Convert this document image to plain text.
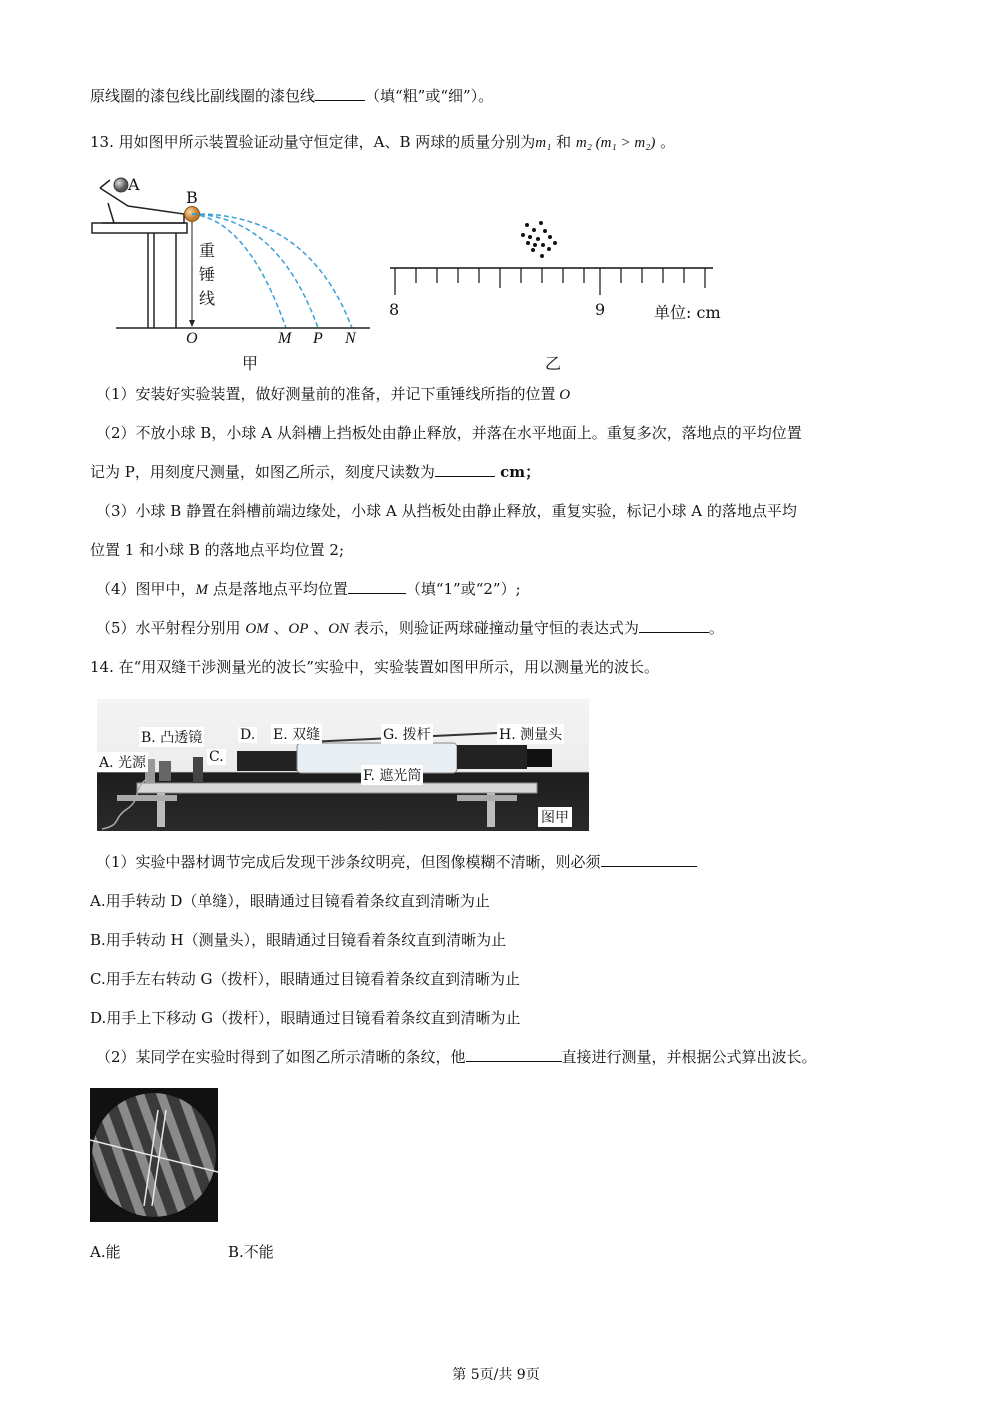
原线圈的漆包线比副线圈的漆包线	（填“粗”或“细”）。
13. 用如图甲所示装置验证动量守恒定律，A、B 两球的质量分别为m₁ 和 m₂ (m₁ > m₂) 。
A
B
重
锤
线
O	M P N
甲
8	9	单位: cm
乙
（1）安装好实验装置，做好测量前的准备，并记下重锤线所指的位置 O
（2）不放小球 B，小球 A 从斜槽上挡板处由静止释放，并落在水平地面上。重复多次，落地点的平均位置
记为 P，用刻度尺测量，如图乙所示，刻度尺读数为	cm；
（3）小球 B 静置在斜槽前端边缘处，小球 A 从挡板处由静止释放，重复实验，标记小球 A 的落地点平均
位置 1 和小球 B 的落地点平均位置 2;
（4）图甲中，M 点是落地点平均位置	（填“1”或“2”）;
（5）水平射程分别用 OM 、OP 、ON 表示，则验证两球碰撞动量守恒的表达式为	。
14. 在“用双缝干涉测量光的波长”实验中，实验装置如图甲所示，用以测量光的波长。
B. 凸透镜
A. 光源	C.
D. E. 双缝	G. 拨杆	H. 测量头
F. 遮光筒
图甲
（1）实验中器材调节完成后发现干涉条纹明亮，但图像模糊不清晰，则必须
A.用手转动 D（单缝），眼睛通过目镜看着条纹直到清晰为止
B.用手转动 H（测量头），眼睛通过目镜看着条纹直到清晰为止
C.用手左右转动 G（拨杆），眼睛通过目镜看着条纹直到清晰为止
D.用手上下移动 G（拨杆），眼睛通过目镜看着条纹直到清晰为止
（2）某同学在实验时得到了如图乙所示清晰的条纹，他	直接进行测量，并根据公式算出波长。
A.能	B.不能
第 5页/共 9页
